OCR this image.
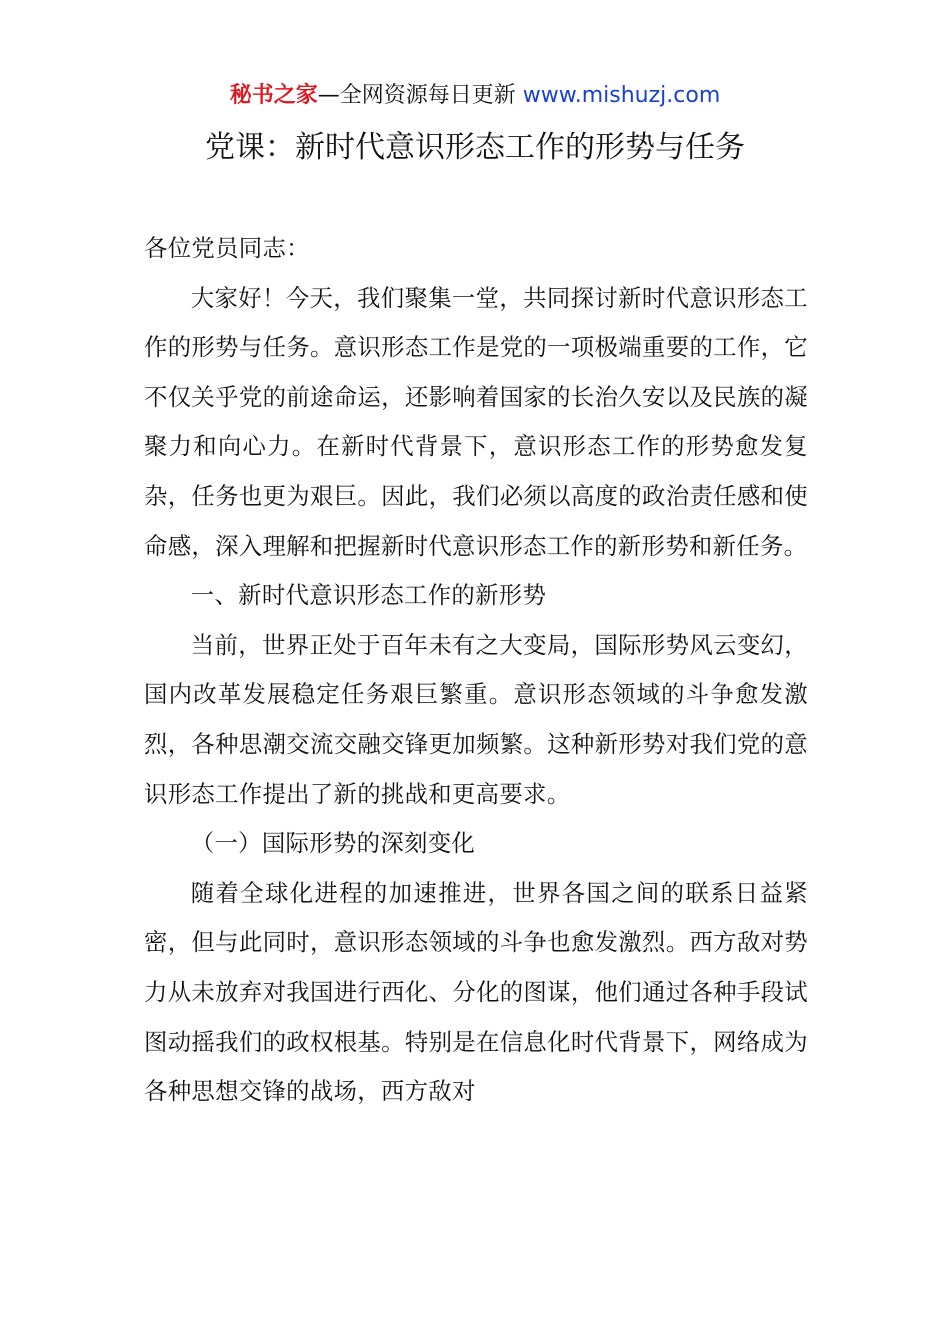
秘书之家—全网资源每日更新 www.mishuzj.com
党课：新时代意识形态工作的形势与任务

各位党员同志：

大家好！今天，我们聚集一堂，共同探讨新时代意识形态工作的形势与任务。意识形态工作是党的一项极端重要的工作，它不仅关乎党的前途命运，还影响着国家的长治久安以及民族的凝聚力和向心力。在新时代背景下，意识形态工作的形势愈发复杂，任务也更为艰巨。因此，我们必须以高度的政治责任感和使命感，深入理解和把握新时代意识形态工作的新形势和新任务。

一、新时代意识形态工作的新形势

当前，世界正处于百年未有之大变局，国际形势风云变幻，国内改革发展稳定任务艰巨繁重。意识形态领域的斗争愈发激烈，各种思潮交流交融交锋更加频繁。这种新形势对我们党的意识形态工作提出了新的挑战和更高要求。

（一）国际形势的深刻变化

随着全球化进程的加速推进，世界各国之间的联系日益紧密，但与此同时，意识形态领域的斗争也愈发激烈。西方敌对势力从未放弃对我国进行西化、分化的图谋，他们通过各种手段试图动摇我们的政权根基。特别是在信息化时代背景下，网络成为各种思想交锋的战场，西方敌对
